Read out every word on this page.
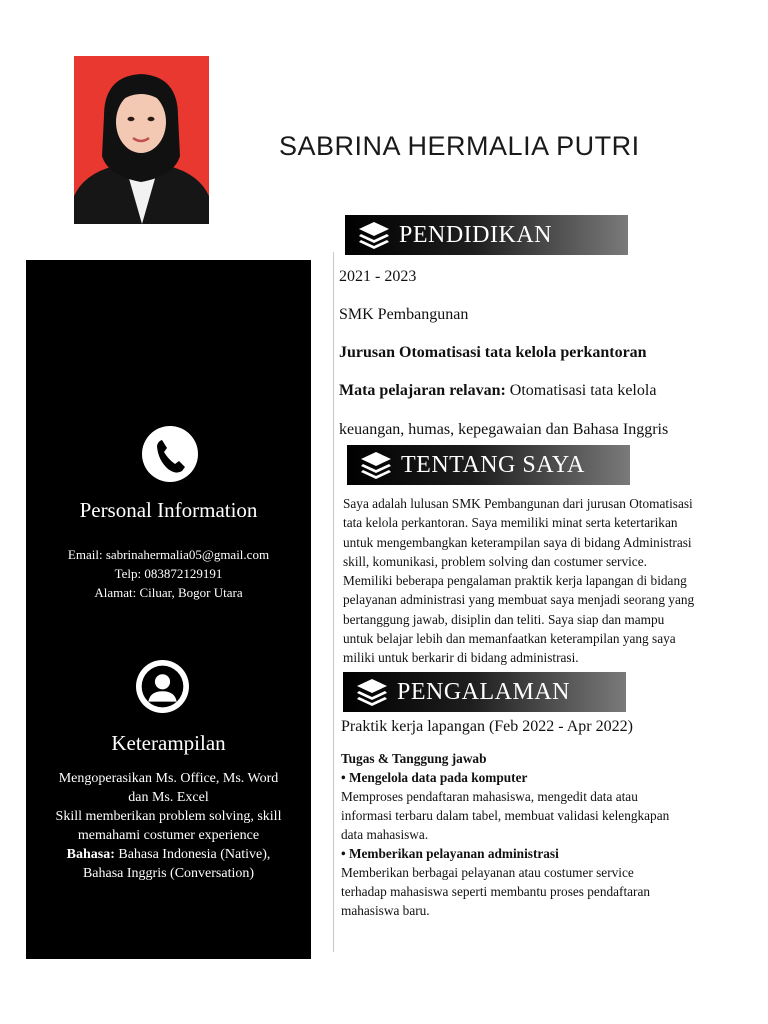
SABRINA HERMALIA PUTRI
Personal Information
Email: sabrinahermalia05@gmail.com
Telp: 083872129191
Alamat: Ciluar, Bogor Utara
Keterampilan
Mengoperasikan Ms. Office, Ms. Word
dan Ms. Excel
Skill memberikan problem solving, skill
memahami costumer experience
Bahasa: Bahasa Indonesia (Native),
Bahasa Inggris (Conversation)
PENDIDIKAN
2021 - 2023
SMK Pembangunan
Jurusan Otomatisasi tata kelola perkantoran
Mata pelajaran relavan: Otomatisasi tata kelola
keuangan, humas, kepegawaian dan Bahasa Inggris
TENTANG SAYA

Saya adalah lulusan SMK Pembangunan dari jurusan Otomatisasi

tata kelola perkantoran. Saya memiliki minat serta ketertarikan

untuk mengembangkan keterampilan saya di bidang Administrasi

skill, komunikasi, problem solving dan costumer service.

Memiliki beberapa pengalaman praktik kerja lapangan di bidang

pelayanan administrasi yang membuat saya menjadi seorang yang

bertanggung jawab, disiplin dan teliti. Saya siap dan mampu

untuk belajar lebih dan memanfaatkan keterampilan yang saya

miliki untuk berkarir di bidang administrasi.

PENGALAMAN
Praktik kerja lapangan (Feb 2022 - Apr 2022)
Tugas & Tanggung jawab
• Mengelola data pada komputer
Memproses pendaftaran mahasiswa, mengedit data atau
informasi terbaru dalam tabel, membuat validasi kelengkapan
data mahasiswa.
• Memberikan pelayanan administrasi
Memberikan berbagai pelayanan atau costumer service
terhadap mahasiswa seperti membantu proses pendaftaran
mahasiswa baru.
